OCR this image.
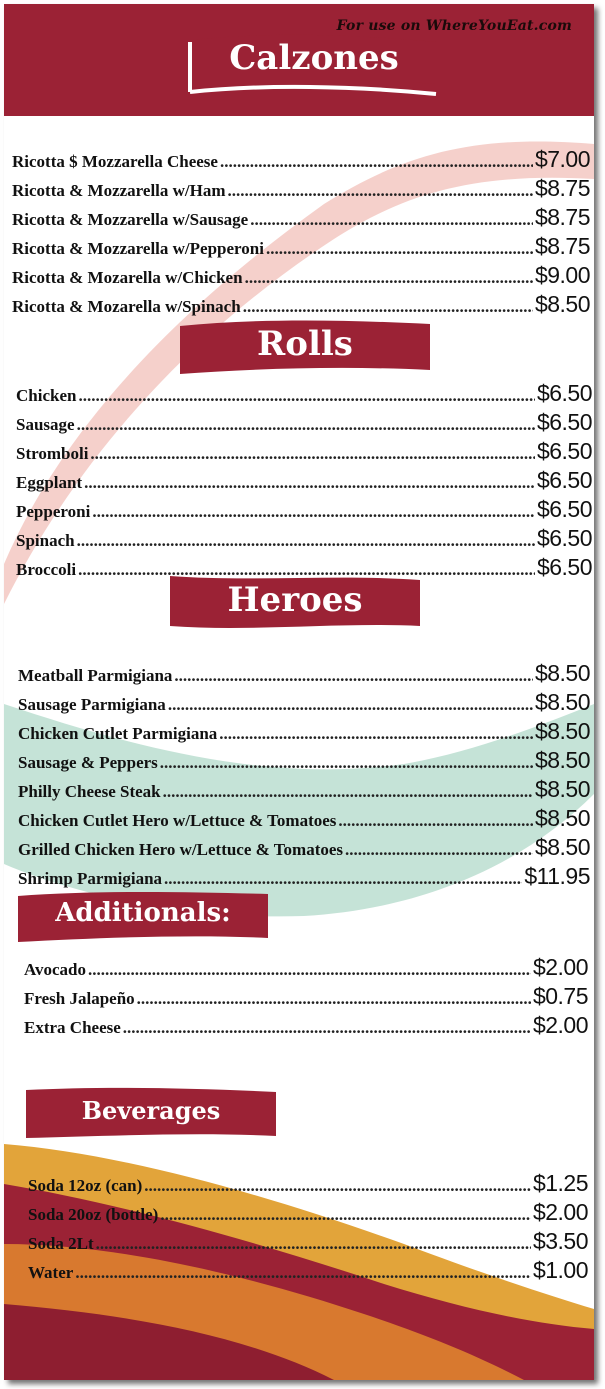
For use on WhereYouEat.com
Calzones
Ricotta $ Mozzarella Cheese .....	$7.00
Ricotta & Mozzarella w/Ham .....	$8.75
Ricotta & Mozzarella w/Sausage .....	$8.75
Ricotta & Mozzarella w/Pepperoni .....	$8.75
Ricotta & Mozarella w/Chicken .....	$9.00
Ricotta & Mozarella w/Spinach .....	$8.50
Rolls
Chicken .....	$6.50
Sausage .....	$6.50
Stromboli .....	$6.50
Eggplant .....	$6.50
Pepperoni .....	$6.50
Spinach .....	$6.50
Broccoli .....	$6.50
Heroes
Meatball Parmigiana .....	$8.50
Sausage Parmigiana .....	$8.50
Chicken Cutlet Parmigiana .....	$8.50
Sausage & Peppers .....	$8.50
Philly Cheese Steak .....	$8.50
Chicken Cutlet Hero w/Lettuce & Tomatoes .....	$8.50
Grilled Chicken Hero w/Lettuce & Tomatoes .....	$8.50
Shrimp Parmigiana .....	$11.95
Additionals:
Avocado .....	$2.00
Fresh Jalapeño .....	$0.75
Extra Cheese .....	$2.00
Beverages
Soda 12oz (can) .....	$1.25
Soda 20oz (bottle) .....	$2.00
Soda 2Lt .....	$3.50
Water .....	$1.00
